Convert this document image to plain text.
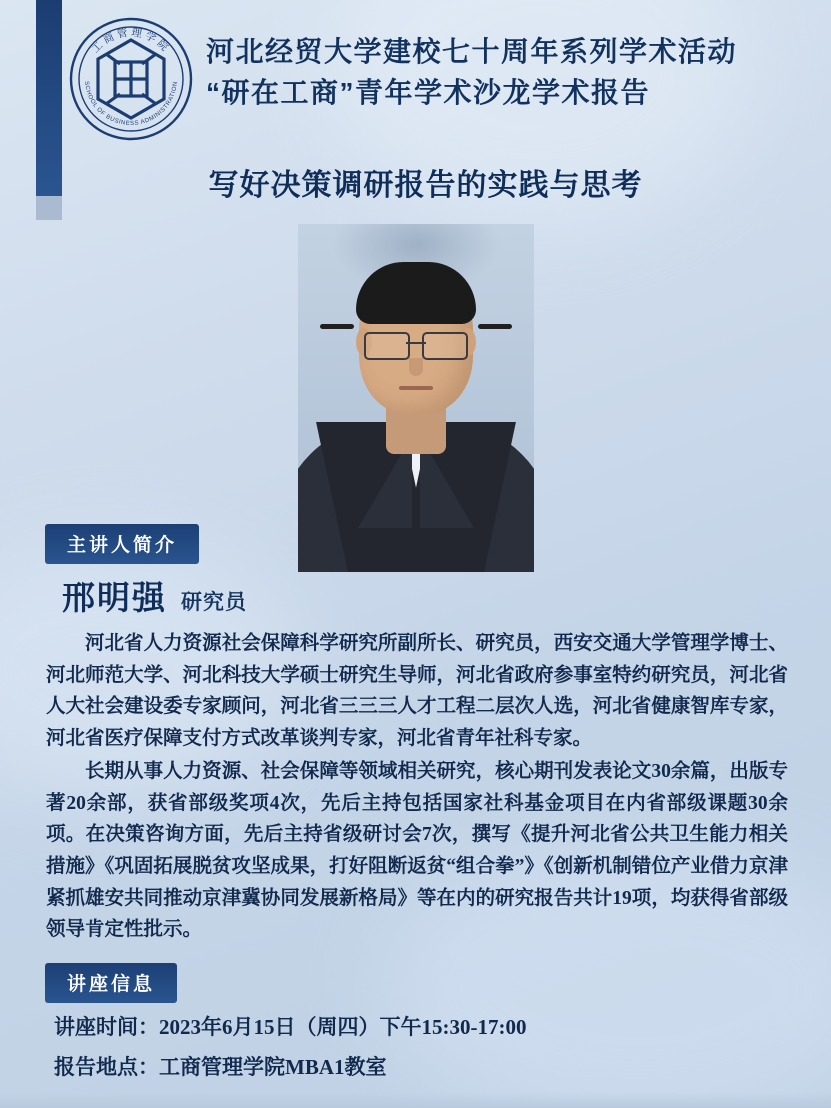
工商管理学院
SCHOOL OF BUSINESS ADMINISTRATION
河北经贸大学建校七十周年系列学术活动
“研在工商”青年学术沙龙学术报告
写好决策调研报告的实践与思考
主讲人简介
邢明强 研究员

河北省人力资源社会保障科学研究所副所长、研究员，西安交通大学管理学博士、河北师范大学、河北科技大学硕士研究生导师，河北省政府参事室特约研究员，河北省人大社会建设委专家顾问，河北省三三三人才工程二层次人选，河北省健康智库专家，河北省医疗保障支付方式改革谈判专家，河北省青年社科专家。

长期从事人力资源、社会保障等领域相关研究，核心期刊发表论文30余篇，出版专著20余部，获省部级奖项4次，先后主持包括国家社科基金项目在内省部级课题30余项。在决策咨询方面，先后主持省级研讨会7次，撰写《提升河北省公共卫生能力相关措施》《巩固拓展脱贫攻坚成果，打好阻断返贫“组合拳”》《创新机制错位产业借力京津紧抓雄安共同推动京津冀协同发展新格局》等在内的研究报告共计19项，均获得省部级领导肯定性批示。

讲座信息
讲座时间：2023年6月15日（周四）下午15:30-17:00
报告地点：工商管理学院MBA1教室
